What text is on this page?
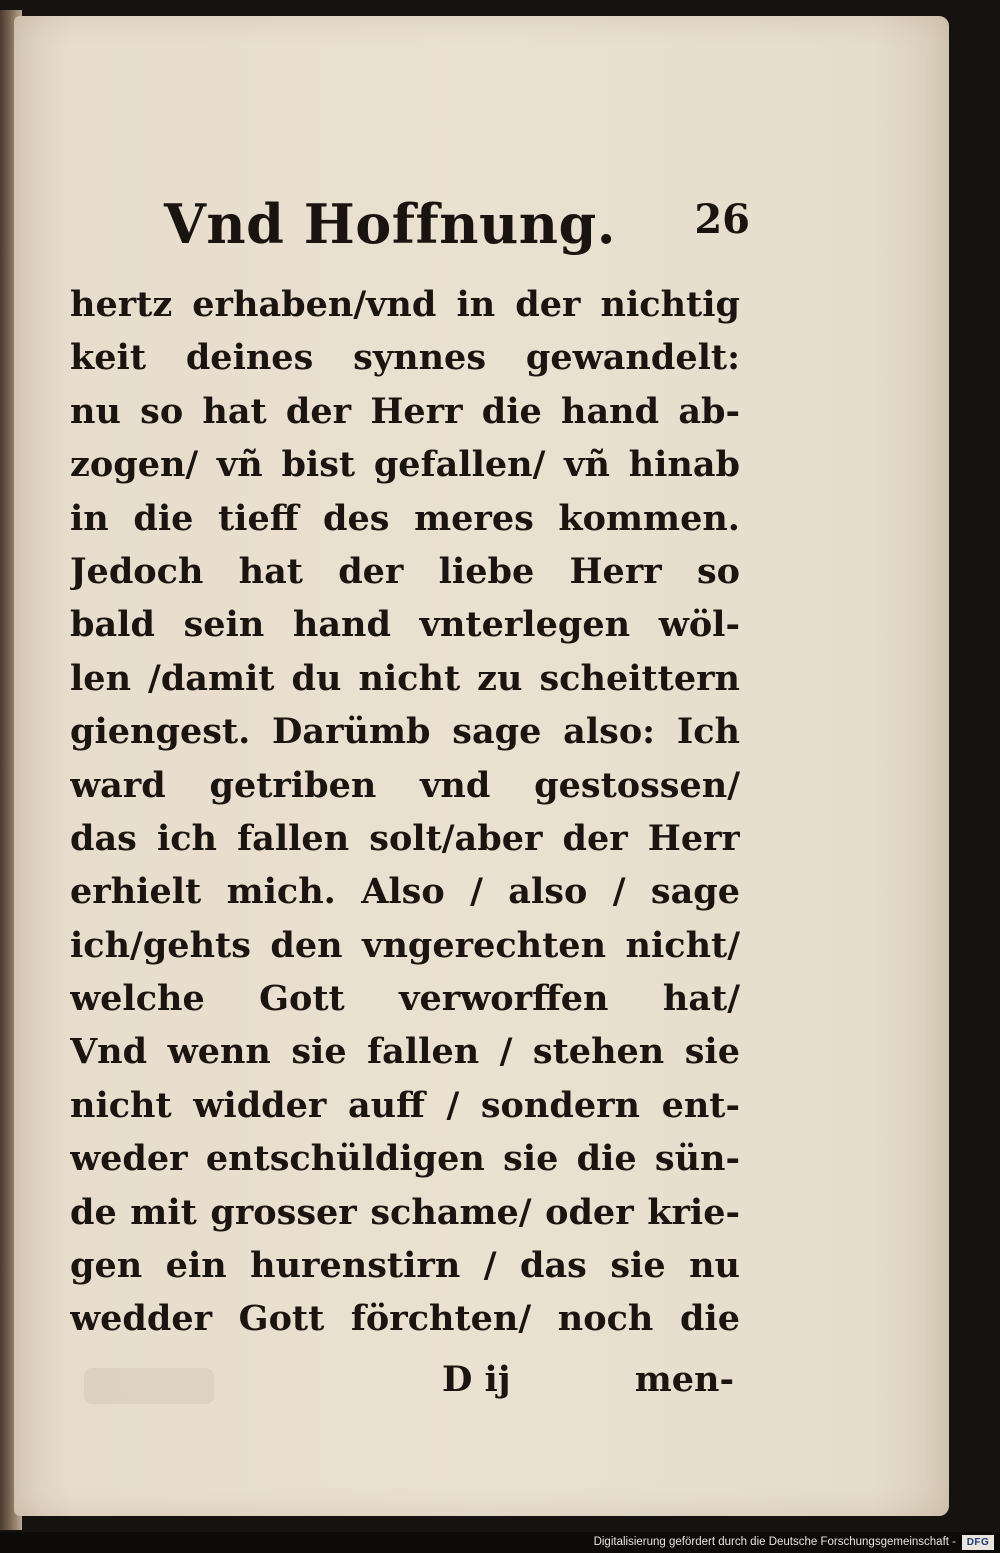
Vnd Hoffnung. 26
hertz erhaben/vnd in der nichtig
keit deines synnes gewandelt:
nu so hat der Herr die hand ab-
zogen/ vñ bist gefallen/ vñ hinab
in die tieff des meres kommen.
Jedoch hat der liebe Herr so
bald sein hand vnterlegen wöl-
len /damit du nicht zu scheittern
giengest. Darümb sage also: Ich
ward getriben vnd gestossen/
das ich fallen solt/aber der Herr
erhielt mich. Also / also / sage
ich/gehts den vngerechten nicht/
welche Gott verworffen hat/
Vnd wenn sie fallen / stehen sie
nicht widder auff / sondern ent-
weder entschüldigen sie die sün-
de mit grosser schame/ oder krie-
gen ein hurenstirn / das sie nu
wedder Gott förchten/ noch die
D ij	men-
Digitalisierung gefördert durch die Deutsche Forschungsgemeinschaft -	DFG
